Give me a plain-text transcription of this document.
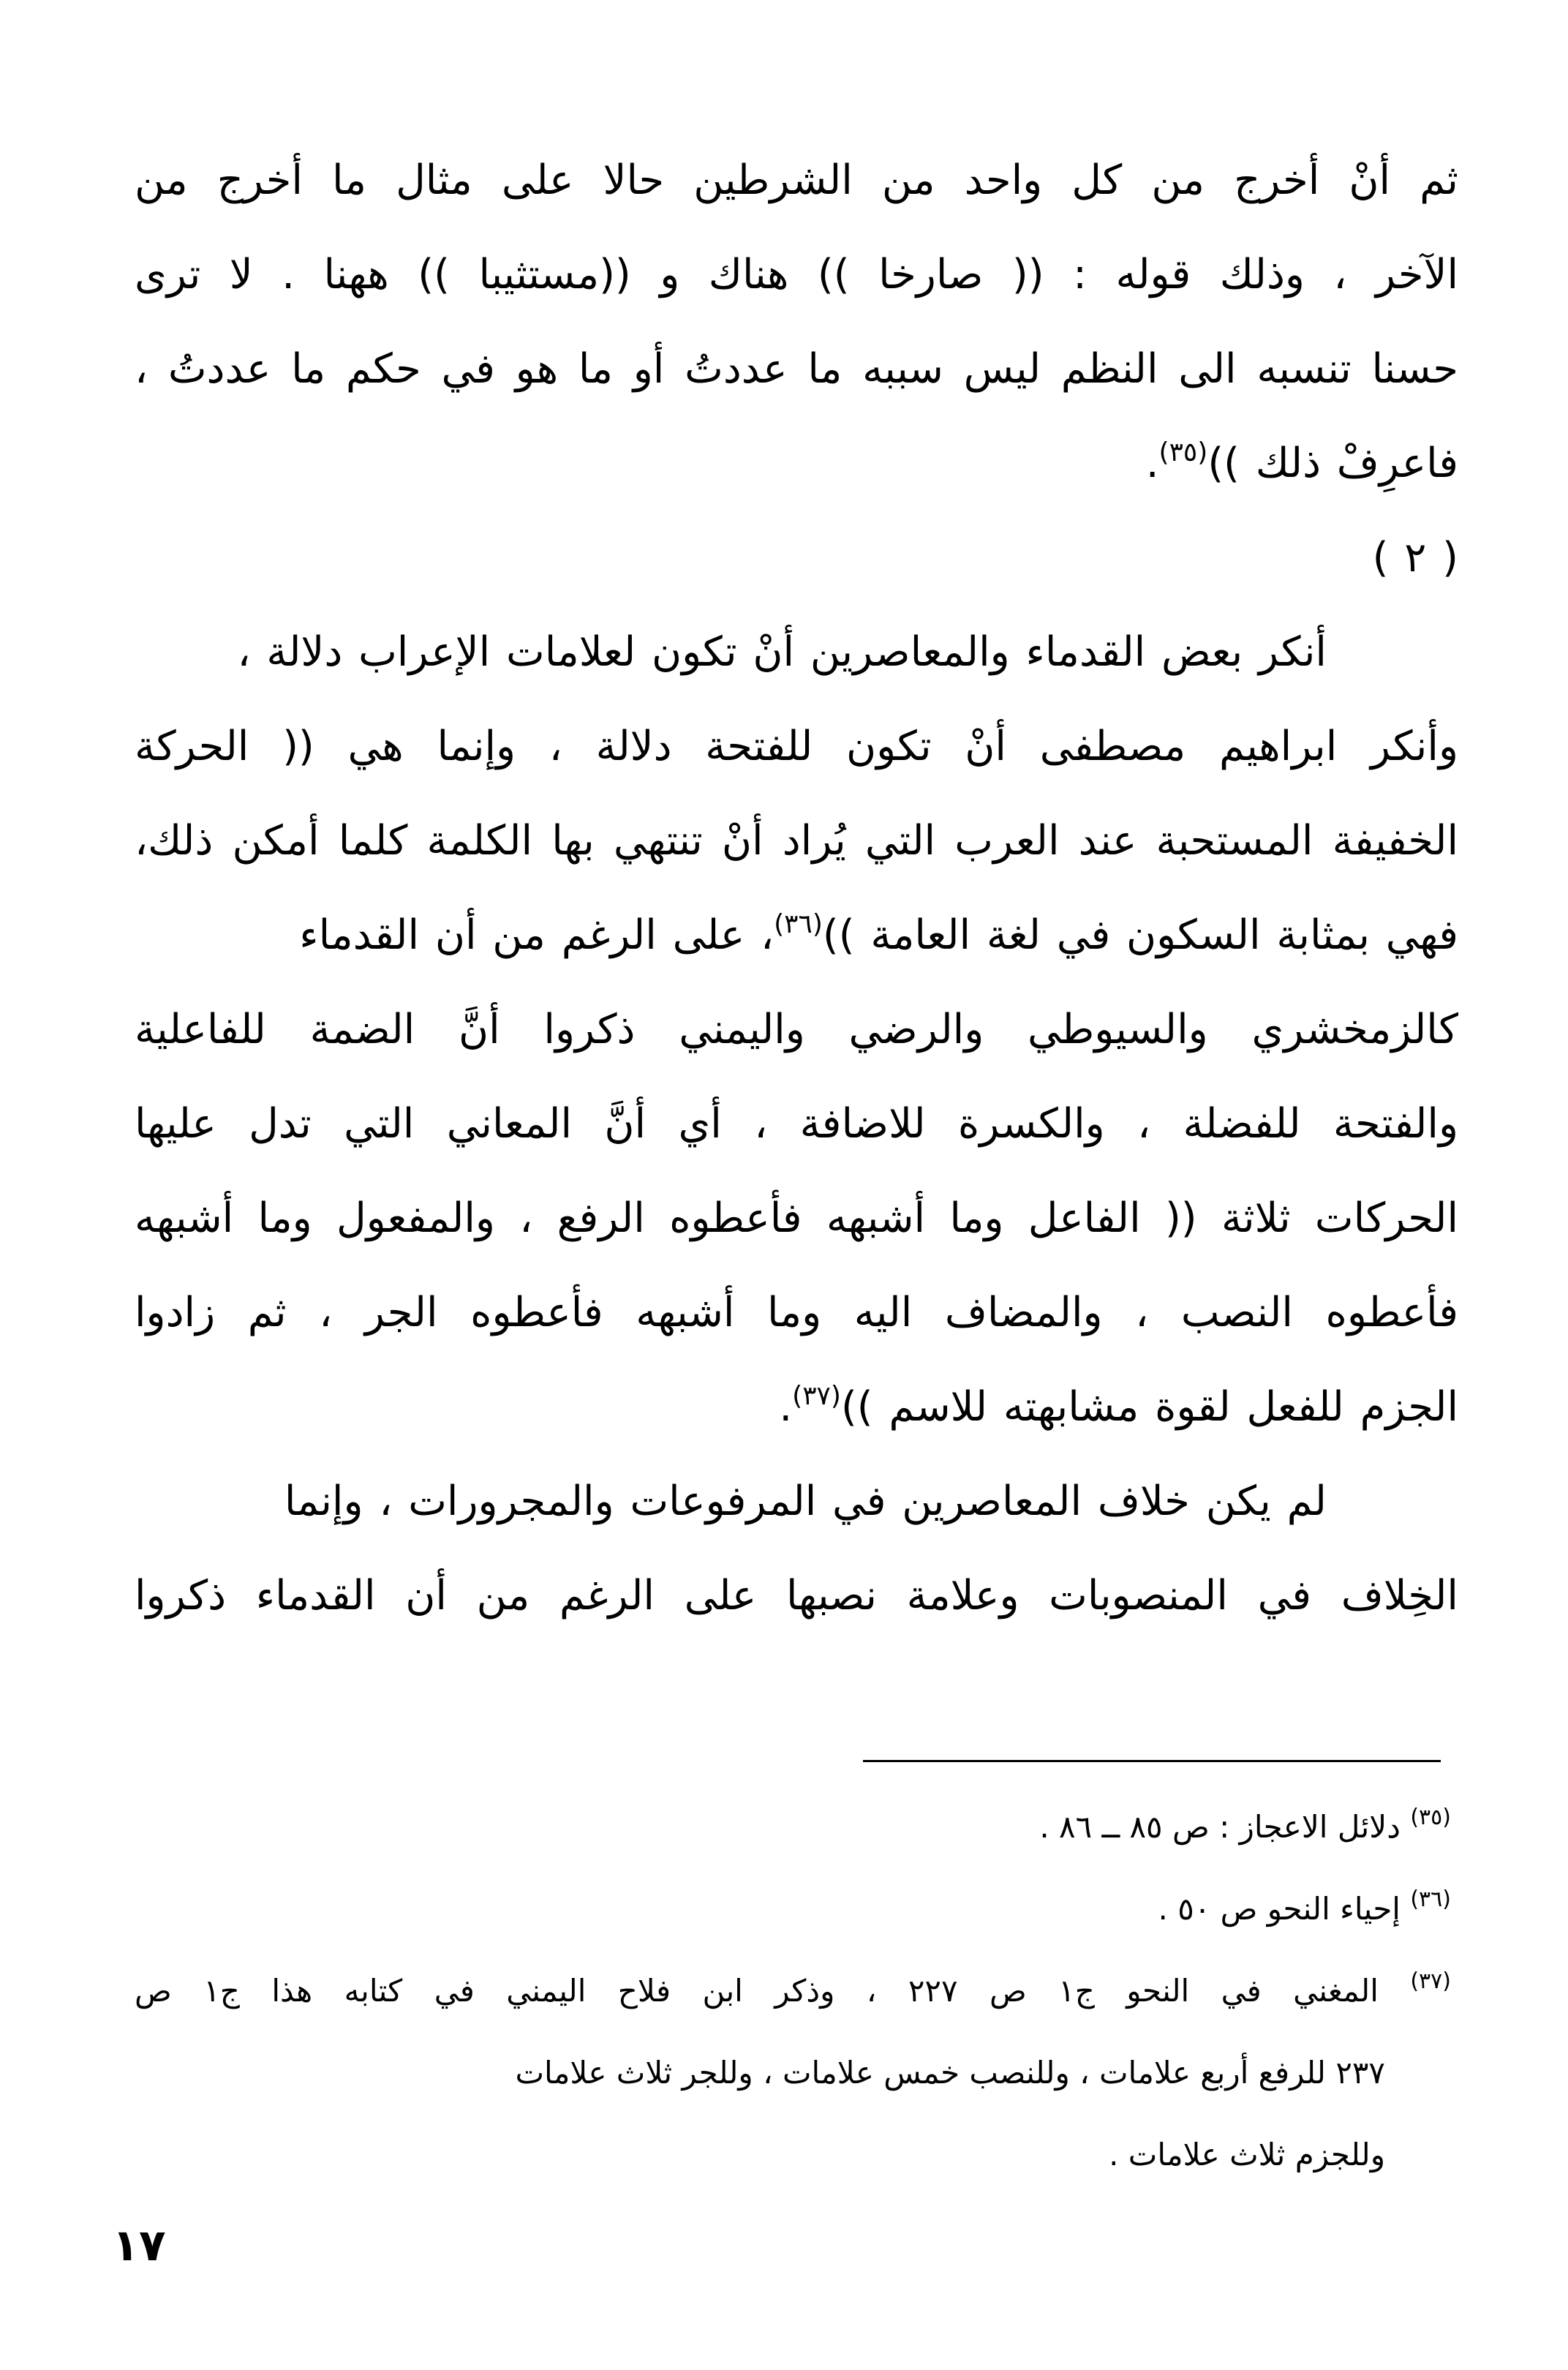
ثم أنْ أخرج من كل واحد من الشرطين حالا على مثال ما أخرج من
الآخر ، وذلك قوله : (( صارخا )) هناك و ((مستثيبا )) ههنا . لا ترى
حسنا تنسبه الى النظم ليس سببه ما عددتُ أو ما هو في حكم ما عددتُ ،
فاعرِفْ ذلك ))$^{(٣٥)}$.
( ٢ )
أنكر بعض القدماء والمعاصرين أنْ تكون لعلامات الإعراب دلالة ،
وأنكر ابراهيم مصطفى أنْ تكون للفتحة دلالة ، وإنما هي (( الحركة
الخفيفة المستحبة عند العرب التي يُراد أنْ تنتهي بها الكلمة كلما أمكن ذلك،
فهي بمثابة السكون في لغة العامة ))$^{(٣٦)}$، على الرغم من أن القدماء
كالزمخشري والسيوطي والرضي واليمني ذكروا أنَّ الضمة للفاعلية
والفتحة للفضلة ، والكسرة للاضافة ، أي أنَّ المعاني التي تدل عليها
الحركات ثلاثة (( الفاعل وما أشبهه فأعطوه الرفع ، والمفعول وما أشبهه
فأعطوه النصب ، والمضاف اليه وما أشبهه فأعطوه الجر ، ثم زادوا
الجزم للفعل لقوة مشابهته للاسم ))$^{(٣٧)}$.
لم يكن خلاف المعاصرين في المرفوعات والمجرورات ، وإنما
الخِلاف في المنصوبات وعلامة نصبها على الرغم من أن القدماء ذكروا
$^{(٣٥)}$ دلائل الاعجاز : ص ٨٥ ــ ٨٦ .
$^{(٣٦)}$ إحياء النحو ص ٥٠ .
$^{(٣٧)}$ المغني في النحو ج١ ص ٢٢٧ ، وذكر ابن فلاح اليمني في كتابه هذا ج١ ص
٢٣٧ للرفع أربع علامات ، وللنصب خمس علامات ، وللجر ثلاث علامات
وللجزم ثلاث علامات .
١٧
